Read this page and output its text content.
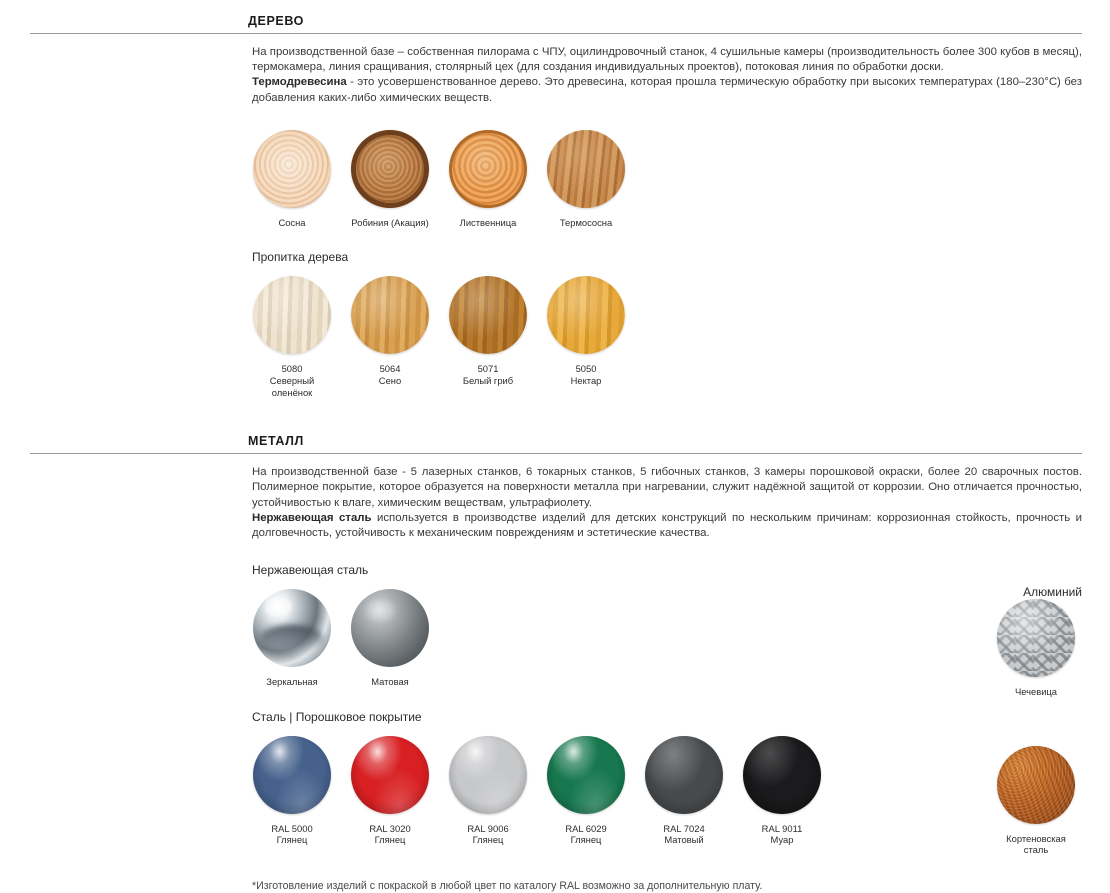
ДЕРЕВО

На производственной базе – собственная пилорама с ЧПУ, оцилиндровочный станок, 4 сушильные камеры (производительность более 300 кубов в месяц), термокамера, линия сращивания, столярный цех (для создания индивидуальных проектов), потоковая линия по обработки доски.

Термодревесина - это усовершенствованное дерево. Это древесина, которая прошла термическую обработку при высоких температурах (180–230°C) без добавления каких-либо химических веществ.

Сосна	Робиния (Акация)	Лиственница	Термососна
Пропитка дерева
5080
Северный оленёнок
5064
Сено
5071
Белый гриб
5050
Нектар
МЕТАЛЛ

На производственной базе - 5 лазерных станков, 6 токарных станков, 5 гибочных станков, 3 камеры порошковой окраски, более 20 сварочных постов. Полимерное покрытие, которое образуется на поверхности металла при нагревании, служит надёжной защитой от коррозии. Оно отличается прочностью, устойчивостью к влаге, химическим веществам, ультрафиолету.

Нержавеющая сталь используется в производстве изделий для детских конструкций по нескольким причинам: коррозионная стойкость, прочность и долговечность, устойчивость к механическим повреждениям и эстетические качества.

Нержавеющая сталь
Алюминий
Зеркальная	Матовая
Чечевица
Сталь | Порошковое покрытие
RAL 5000
Глянец
RAL 3020
Глянец
RAL 9006
Глянец
RAL 6029
Глянец
RAL 7024
Матовый
RAL 9011
Муар	Кортеновская
сталь
*Изготовление изделий с покраской в любой цвет по каталогу RAL возможно за дополнительную плату.
